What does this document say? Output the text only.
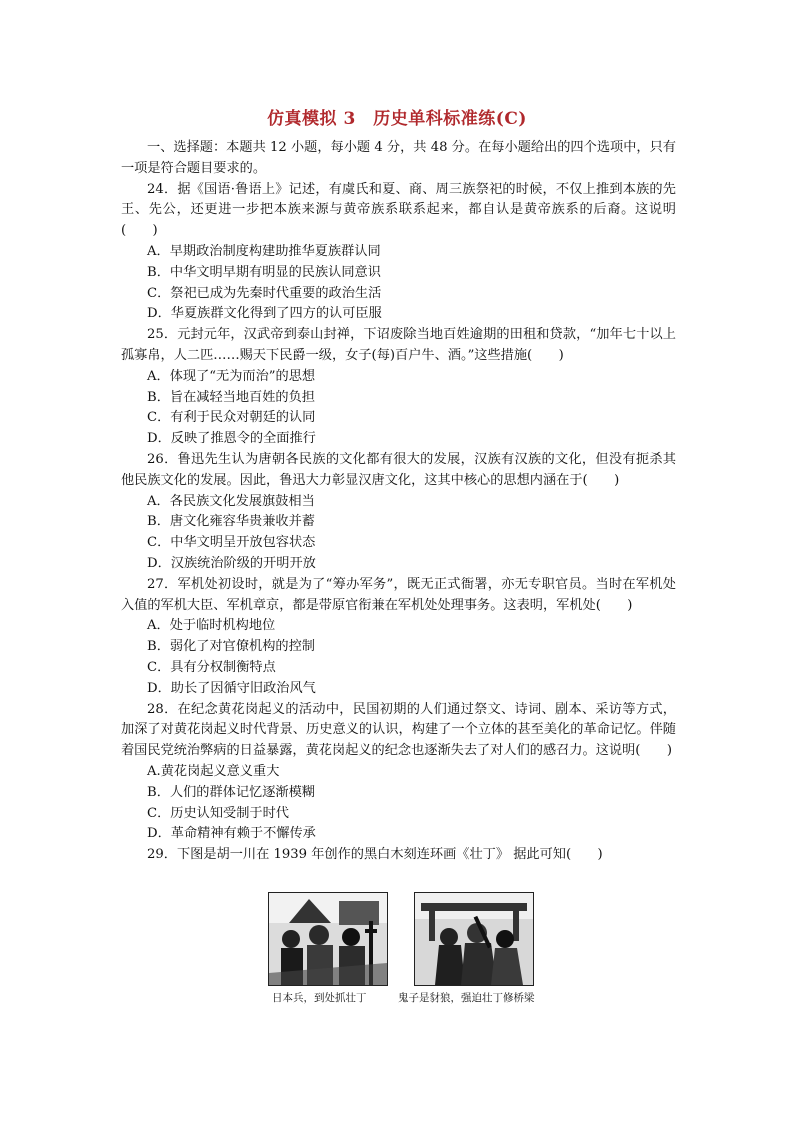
仿真模拟 3　历史单科标准练(C)

一、选择题：本题共 12 小题，每小题 4 分，共 48 分。在每小题给出的四个选项中，只有一项是符合题目要求的。

24．据《国语·鲁语上》记述，有虞氏和夏、商、周三族祭祀的时候，不仅上推到本族的先王、先公，还更进一步把本族来源与黄帝族系联系起来，都自认是黄帝族系的后裔。这说明(　　)

A．早期政治制度构建助推华夏族群认同

B．中华文明早期有明显的民族认同意识

C．祭祀已成为先秦时代重要的政治生活

D．华夏族群文化得到了四方的认可臣服

25．元封元年，汉武帝到泰山封禅，下诏废除当地百姓逾期的田租和贷款，“加年七十以上孤寡帛，人二匹……赐天下民爵一级，女子(每)百户牛、酒。”这些措施(　　)

A．体现了“无为而治”的思想

B．旨在减轻当地百姓的负担

C．有利于民众对朝廷的认同

D．反映了推恩令的全面推行

26．鲁迅先生认为唐朝各民族的文化都有很大的发展，汉族有汉族的文化，但没有扼杀其他民族文化的发展。因此，鲁迅大力彰显汉唐文化，这其中核心的思想内涵在于(　　)

A．各民族文化发展旗鼓相当

B．唐文化雍容华贵兼收并蓄

C．中华文明呈开放包容状态

D．汉族统治阶级的开明开放

27．军机处初设时，就是为了“筹办军务”，既无正式衙署，亦无专职官员。当时在军机处入值的军机大臣、军机章京，都是带原官衔兼在军机处处理事务。这表明，军机处(　　)

A．处于临时机构地位

B．弱化了对官僚机构的控制

C．具有分权制衡特点

D．助长了因循守旧政治风气

28．在纪念黄花岗起义的活动中，民国初期的人们通过祭文、诗词、剧本、采访等方式，加深了对黄花岗起义时代背景、历史意义的认识，构建了一个立体的甚至美化的革命记忆。伴随着国民党统治弊病的日益暴露，黄花岗起义的纪念也逐渐失去了对人们的感召力。这说明(　　)

A.黄花岗起义意义重大

B．人们的群体记忆逐渐模糊

C．历史认知受制于时代

D．革命精神有赖于不懈传承

29．下图是胡一川在 1939 年创作的黑白木刻连环画《壮丁》 据此可知(　　)

日本兵，到处抓壮丁	鬼子是豺狼，强迫壮丁修桥梁
